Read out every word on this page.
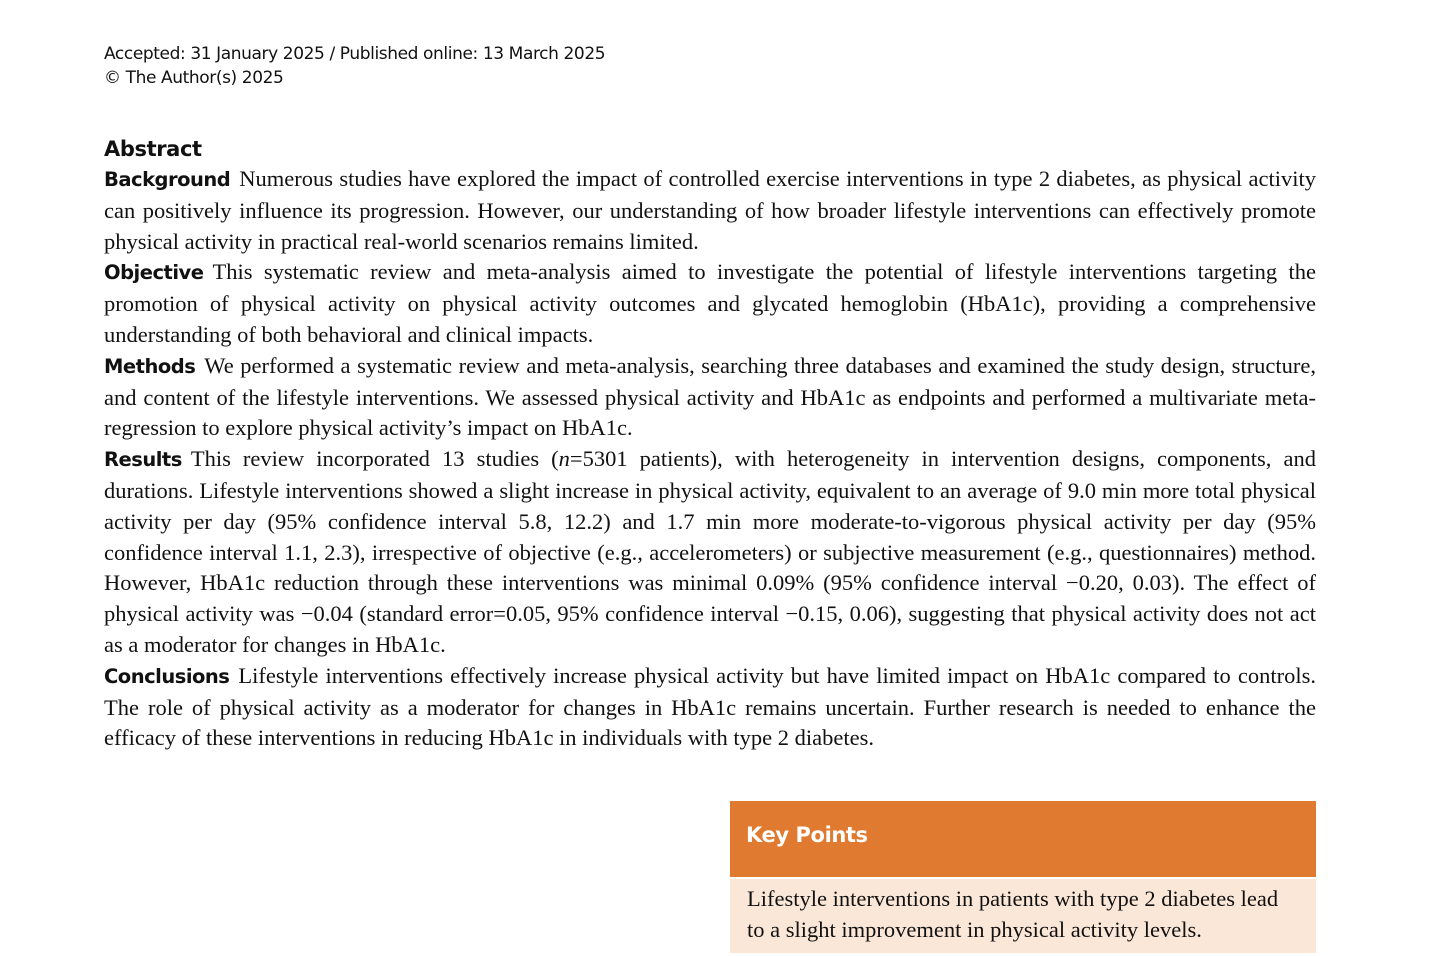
Accepted: 31 January 2025 / Published online: 13 March 2025
© The Author(s) 2025
Abstract

Background Numerous studies have explored the impact of controlled exercise interventions in type 2 diabetes, as physical activity can positively influence its progression. However, our understanding of how broader lifestyle interventions can effectively promote physical activity in practical real-world scenarios remains limited.

Objective This systematic review and meta-analysis aimed to investigate the potential of lifestyle interventions targeting the promotion of physical activity on physical activity outcomes and glycated hemoglobin (HbA1c), providing a comprehensive understanding of both behavioral and clinical impacts.

Methods We performed a systematic review and meta-analysis, searching three databases and examined the study design, structure, and content of the lifestyle interventions. We assessed physical activity and HbA1c as endpoints and performed a multivariate meta-regression to explore physical activity’s impact on HbA1c.

Results This review incorporated 13 studies (n=5301 patients), with heterogeneity in intervention designs, components, and durations. Lifestyle interventions showed a slight increase in physical activity, equivalent to an average of 9.0 min more total physical activity per day (95% confidence interval 5.8, 12.2) and 1.7 min more moderate-to-vigorous physical activity per day (95% confidence interval 1.1, 2.3), irrespective of objective (e.g., accelerometers) or subjective measurement (e.g., questionnaires) method. However, HbA1c reduction through these interventions was minimal 0.09% (95% confidence interval −0.20, 0.03). The effect of physical activity was −0.04 (standard error=0.05, 95% confidence interval −0.15, 0.06), suggesting that physical activity does not act as a moderator for changes in HbA1c.

Conclusions Lifestyle interventions effectively increase physical activity but have limited impact on HbA1c compared to controls. The role of physical activity as a moderator for changes in HbA1c remains uncertain. Further research is needed to enhance the efficacy of these interventions in reducing HbA1c in individuals with type 2 diabetes.

Key Points
Lifestyle interventions in patients with type 2 diabetes lead to a slight improvement in physical activity levels.
